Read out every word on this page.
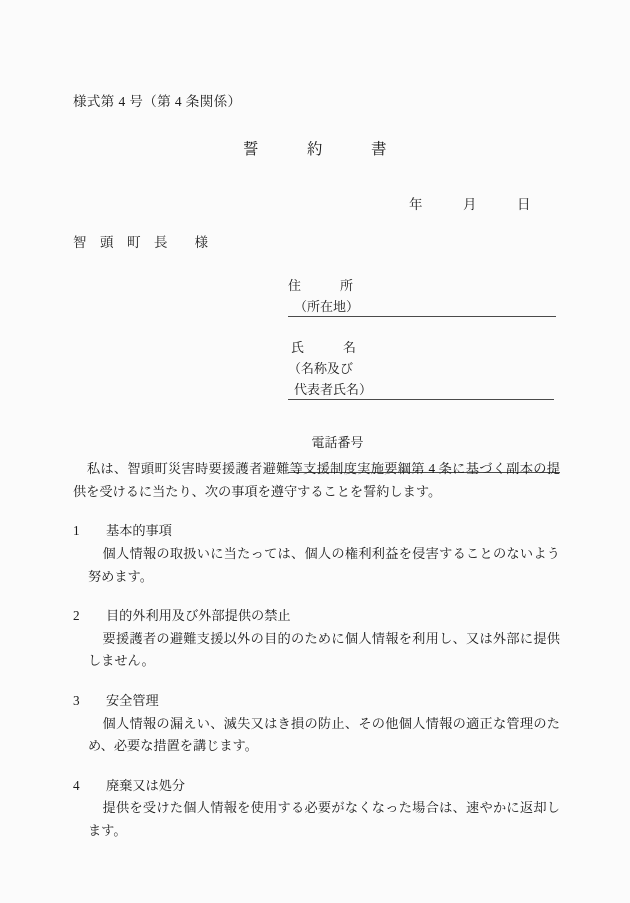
様式第 4 号（第 4 条関係）
誓　　　約　　　書
年　　　月　　　日
智　頭　町　長　　様
住　　　所
（所在地）
氏　　　名
（名称及び
代表者氏名）

電話番号

私は、智頭町災害時要援護者避難等支援制度実施要綱第 4 条に基づく副本の提供を受けるに当たり、次の事項を遵守することを誓約します。

1　　基本的事項
個人情報の取扱いに当たっては、個人の権利利益を侵害することのないよう努めます。
2　　目的外利用及び外部提供の禁止
要援護者の避難支援以外の目的のために個人情報を利用し、又は外部に提供しません。
3　　安全管理
個人情報の漏えい、滅失又はき損の防止、その他個人情報の適正な管理のため、必要な措置を講じます。
4　　廃棄又は処分
提供を受けた個人情報を使用する必要がなくなった場合は、速やかに返却します。
